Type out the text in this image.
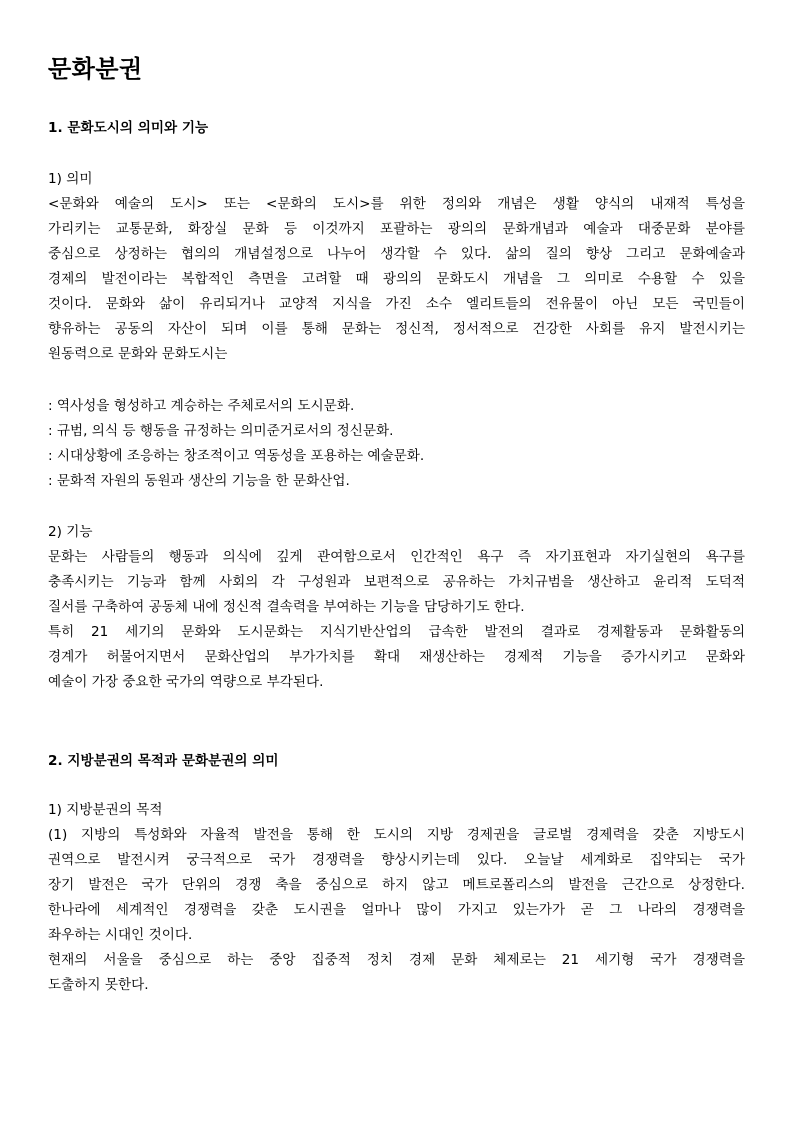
문화분권
1. 문화도시의 의미와 기능
1) 의미
<문화와 예술의 도시> 또는 <문화의 도시>를 위한 정의와 개념은 생활 양식의 내재적 특성을
가리키는 교통문화, 화장실 문화 등 이것까지 포괄하는 광의의 문화개념과 예술과 대중문화 분야를
중심으로 상정하는 협의의 개념설정으로 나누어 생각할 수 있다. 삶의 질의 향상 그리고 문화예술과
경제의 발전이라는 복합적인 측면을 고려할 때 광의의 문화도시 개념을 그 의미로 수용할 수 있을
것이다. 문화와 삶이 유리되거나 교양적 지식을 가진 소수 엘리트들의 전유물이 아닌 모든 국민들이
향유하는 공동의 자산이 되며 이를 통해 문화는 정신적, 정서적으로 건강한 사회를 유지 발전시키는
원동력으로 문화와 문화도시는
: 역사성을 형성하고 계승하는 주체로서의 도시문화.
: 규범, 의식 등 행동을 규정하는 의미준거로서의 정신문화.
: 시대상황에 조응하는 창조적이고 역동성을 포용하는 예술문화.
: 문화적 자원의 동원과 생산의 기능을 한 문화산업.
2) 기능
문화는 사람들의 행동과 의식에 깊게 관여함으로서 인간적인 욕구 즉 자기표현과 자기실현의 욕구를
충족시키는 기능과 함께 사회의 각 구성원과 보편적으로 공유하는 가치규범을 생산하고 윤리적 도덕적
질서를 구축하여 공동체 내에 정신적 결속력을 부여하는 기능을 담당하기도 한다.
특히 21 세기의 문화와 도시문화는 지식기반산업의 급속한 발전의 결과로 경제활동과 문화활동의
경계가 허물어지면서 문화산업의 부가가치를 확대 재생산하는 경제적 기능을 증가시키고 문화와
예술이 가장 중요한 국가의 역량으로 부각된다.
2. 지방분권의 목적과 문화분권의 의미
1) 지방분권의 목적
(1) 지방의 특성화와 자율적 발전을 통해 한 도시의 지방 경제권을 글로벌 경제력을 갖춘 지방도시
권역으로 발전시켜 궁극적으로 국가 경쟁력을 향상시키는데 있다. 오늘날 세계화로 집약되는 국가
장기 발전은 국가 단위의 경쟁 축을 중심으로 하지 않고 메트로폴리스의 발전을 근간으로 상정한다.
한나라에 세계적인 경쟁력을 갖춘 도시권을 얼마나 많이 가지고 있는가가 곧 그 나라의 경쟁력을
좌우하는 시대인 것이다.
현재의 서울을 중심으로 하는 중앙 집중적 정치 경제 문화 체제로는 21 세기형 국가 경쟁력을
도출하지 못한다.
